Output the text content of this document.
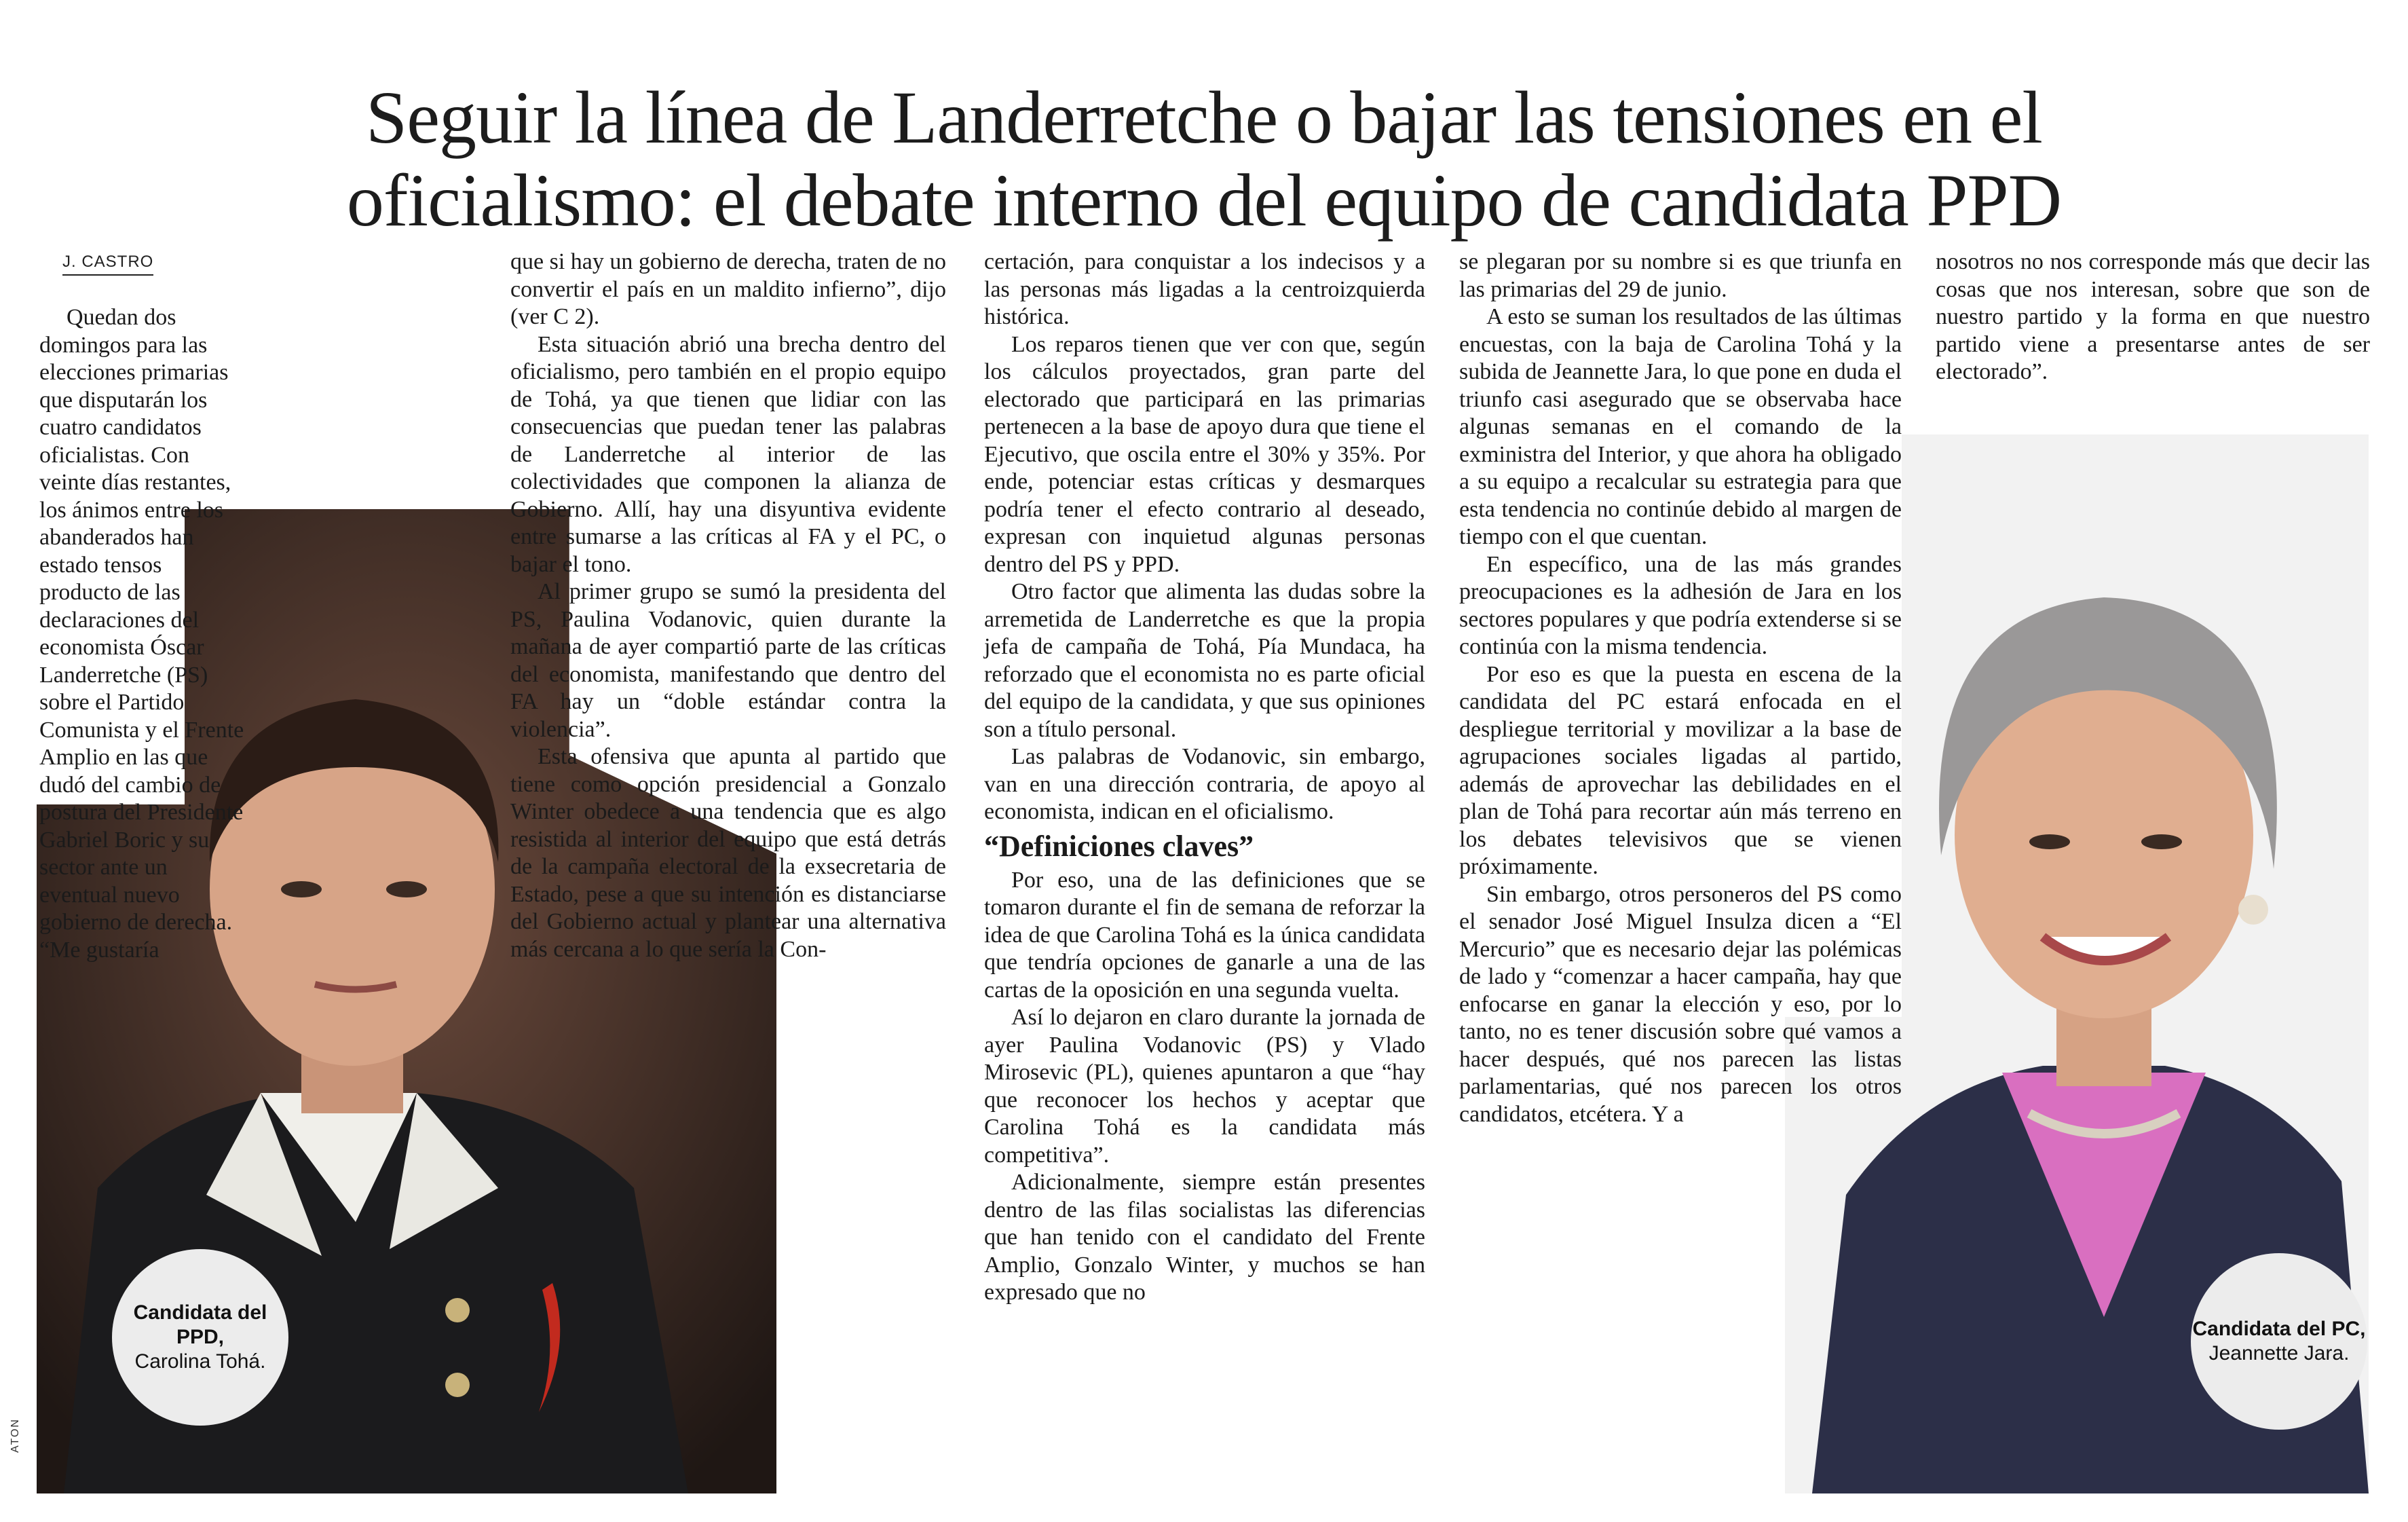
Seguir la línea de Landerretche o bajar las tensiones en el
oficialismo: el debate interno del equipo de candidata PPD
J. CASTRO

Quedan dos domingos para las elecciones primarias que disputarán los cuatro candidatos oficialistas. Con veinte días restantes, los ánimos entre los abanderados han estado tensos producto de las declaraciones del economista Óscar Landerretche (PS) sobre el Partido Comunista y el Frente Amplio en las que dudó del cambio de postura del Presidente Gabriel Boric y su sector ante un eventual nuevo gobierno de derecha. “Me gustaría

que si hay un gobierno de derecha, traten de no convertir el país en un maldito infierno”, dijo (ver C 2).

Esta situación abrió una brecha dentro del oficialismo, pero también en el propio equipo de Tohá, ya que tienen que lidiar con las consecuencias que puedan tener las palabras de Landerretche al interior de las colectividades que componen la alianza de Gobierno. Allí, hay una disyuntiva evidente entre sumarse a las críticas al FA y el PC, o bajar el tono.

Al primer grupo se sumó la presidenta del PS, Paulina Vodanovic, quien durante la mañana de ayer compartió parte de las críticas del economista, manifestando que dentro del FA hay un “doble estándar contra la violencia”.

Esta ofensiva que apunta al partido que tiene como opción presidencial a Gonzalo Winter obedece a una tendencia que es algo resistida al interior del equipo que está detrás de la campaña electoral de la exsecretaria de Estado, pese a que su intención es distanciarse del Gobierno actual y plantear una alternativa más cercana a lo que sería la Con-

certación, para conquistar a los indecisos y a las personas más ligadas a la centroizquierda histórica.

Los reparos tienen que ver con que, según los cálculos proyectados, gran parte del electorado que participará en las primarias pertenecen a la base de apoyo dura que tiene el Ejecutivo, que oscila entre el 30% y 35%. Por ende, potenciar estas críticas y desmarques podría tener el efecto contrario al deseado, expresan con inquietud algunas personas dentro del PS y PPD.

Otro factor que alimenta las dudas sobre la arremetida de Landerretche es que la propia jefa de campaña de Tohá, Pía Mundaca, ha reforzado que el economista no es parte oficial del equipo de la candidata, y que sus opiniones son a título personal.

Las palabras de Vodanovic, sin embargo, van en una dirección contraria, de apoyo al economista, indican en el oficialismo.

“Definiciones claves”

Por eso, una de las definiciones que se tomaron durante el fin de semana de reforzar la idea de que Carolina Tohá es la única candidata que tendría opciones de ganarle a una de las cartas de la oposición en una segunda vuelta.

Así lo dejaron en claro durante la jornada de ayer Paulina Vodanovic (PS) y Vlado Mirosevic (PL), quienes apuntaron a que “hay que reconocer los hechos y aceptar que Carolina Tohá es la candidata más competitiva”.

Adicionalmente, siempre están presentes dentro de las filas socialistas las diferencias que han tenido con el candidato del Frente Amplio, Gonzalo Winter, y muchos se han expresado que no

se plegaran por su nombre si es que triunfa en las primarias del 29 de junio.

A esto se suman los resultados de las últimas encuestas, con la baja de Carolina Tohá y la subida de Jeannette Jara, lo que pone en duda el triunfo casi asegurado que se observaba hace algunas semanas en el comando de la exministra del Interior, y que ahora ha obligado a su equipo a recalcular su estrategia para que esta tendencia no continúe debido al margen de tiempo con el que cuentan.

En específico, una de las más grandes preocupaciones es la adhesión de Jara en los sectores populares y que podría extenderse si se continúa con la misma tendencia.

Por eso es que la puesta en escena de la candidata del PC estará enfocada en el despliegue territorial y movilizar a la base de agrupaciones sociales ligadas al partido, además de aprovechar las debilidades en el plan de Tohá para recortar aún más terreno en los debates televisivos que se vienen próximamente.

Sin embargo, otros personeros del PS como el senador José Miguel Insulza dicen a “El Mercurio” que es necesario dejar las polémicas de lado y “comenzar a hacer campaña, hay que enfocarse en ganar la elección y eso, por lo tanto, no es tener discusión sobre qué vamos a hacer después, qué nos parecen las listas parlamentarias, qué nos parecen los otros candidatos, etcétera. Y a

nosotros no nos corresponde más que decir las cosas que nos interesan, sobre que son de nuestro partido y la forma en que nuestro partido viene a presentarse antes de ser electorado”.

Candidata del PPD,
Carolina Tohá.
Candidata del PC,
Jeannette Jara.
ATON
